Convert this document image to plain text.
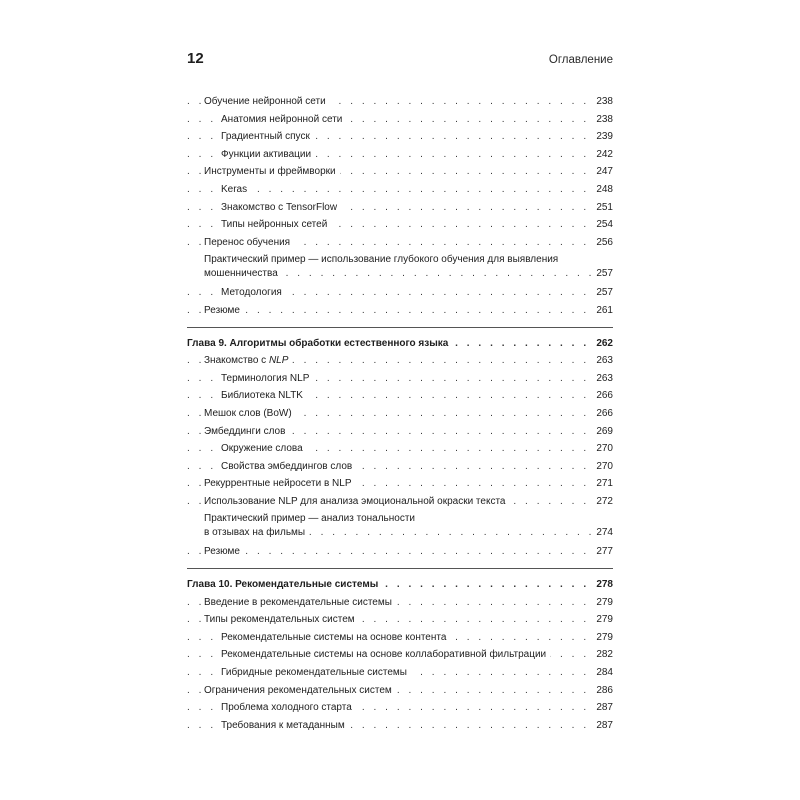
12	Оглавление
. . .
Обучение нейронной сети	238
. . .
Анатомия нейронной сети	238
. . .
Градиентный спуск	239
. . .
Функции активации	242
. . .
Инструменты и фреймворки	247
. . .
Keras	248
. . .
Знакомство с TensorFlow	251
. . .
Типы нейронных сетей	254
. . .
Перенос обучения	256
Практический пример — использование глубокого обучения для выявления
. . .
мошенничества	257
. . .
Методология	257
. . .
Резюме	261
. . .
Глава 9. Алгоритмы обработки естественного языка	262
. . .
Знакомство с NLP	263
. . .
Терминология NLP	263
. . .
Библиотека NLTK	266
. . .
Мешок слов (BoW)	266
. . .
Эмбеддинги слов	269
. . .
Окружение слова	270
. . .
Свойства эмбеддингов слов	270
. . .
Рекуррентные нейросети в NLP	271
. . .
Использование NLP для анализа эмоциональной окраски текста	272
Практический пример — анализ тональности
. . .
в отзывах на фильмы	274
. . .
Резюме	277
. . .
Глава 10. Рекомендательные системы	278
. . .
Введение в рекомендательные системы	279
. . .
Типы рекомендательных систем	279
. . .
Рекомендательные системы на основе контента	279
. . .
Рекомендательные системы на основе коллаборативной фильтрации	282
. . .
Гибридные рекомендательные системы	284
. . .
Ограничения рекомендательных систем	286
. . .
Проблема холодного старта	287
. . .
Требования к метаданным	287
